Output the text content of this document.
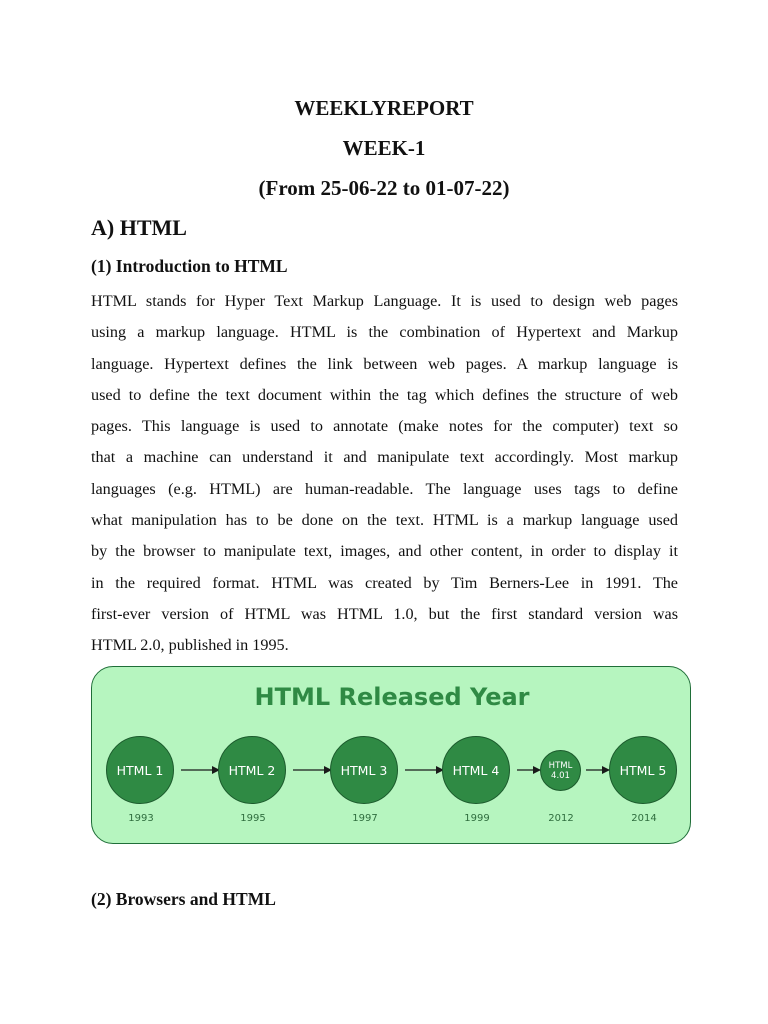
WEEKLYREPORT

WEEK-1

(From 25-06-22 to 01-07-22)

A) HTML
(1) Introduction to HTML
HTML stands for Hyper Text Markup Language. It is used to design web pages
using a markup language. HTML is the combination of Hypertext and Markup
language. Hypertext defines the link between web pages. A markup language is
used to define the text document within the tag which defines the structure of web
pages. This language is used to annotate (make notes for the computer) text so
that a machine can understand it and manipulate text accordingly. Most markup
languages (e.g. HTML) are human-readable. The language uses tags to define
what manipulation has to be done on the text. HTML is a markup language used
by the browser to manipulate text, images, and other content, in order to display it
in the required format. HTML was created by Tim Berners-Lee in 1991. The
first-ever version of HTML was HTML 1.0, but the first standard version was
HTML 2.0, published in 1995.

HTML Released Year

HTML 1	HTML 2	HTML 3	HTML 4	HTML
4.01	HTML 5

1993	1995	1997	1999	2012	2014

(2) Browsers and HTML
